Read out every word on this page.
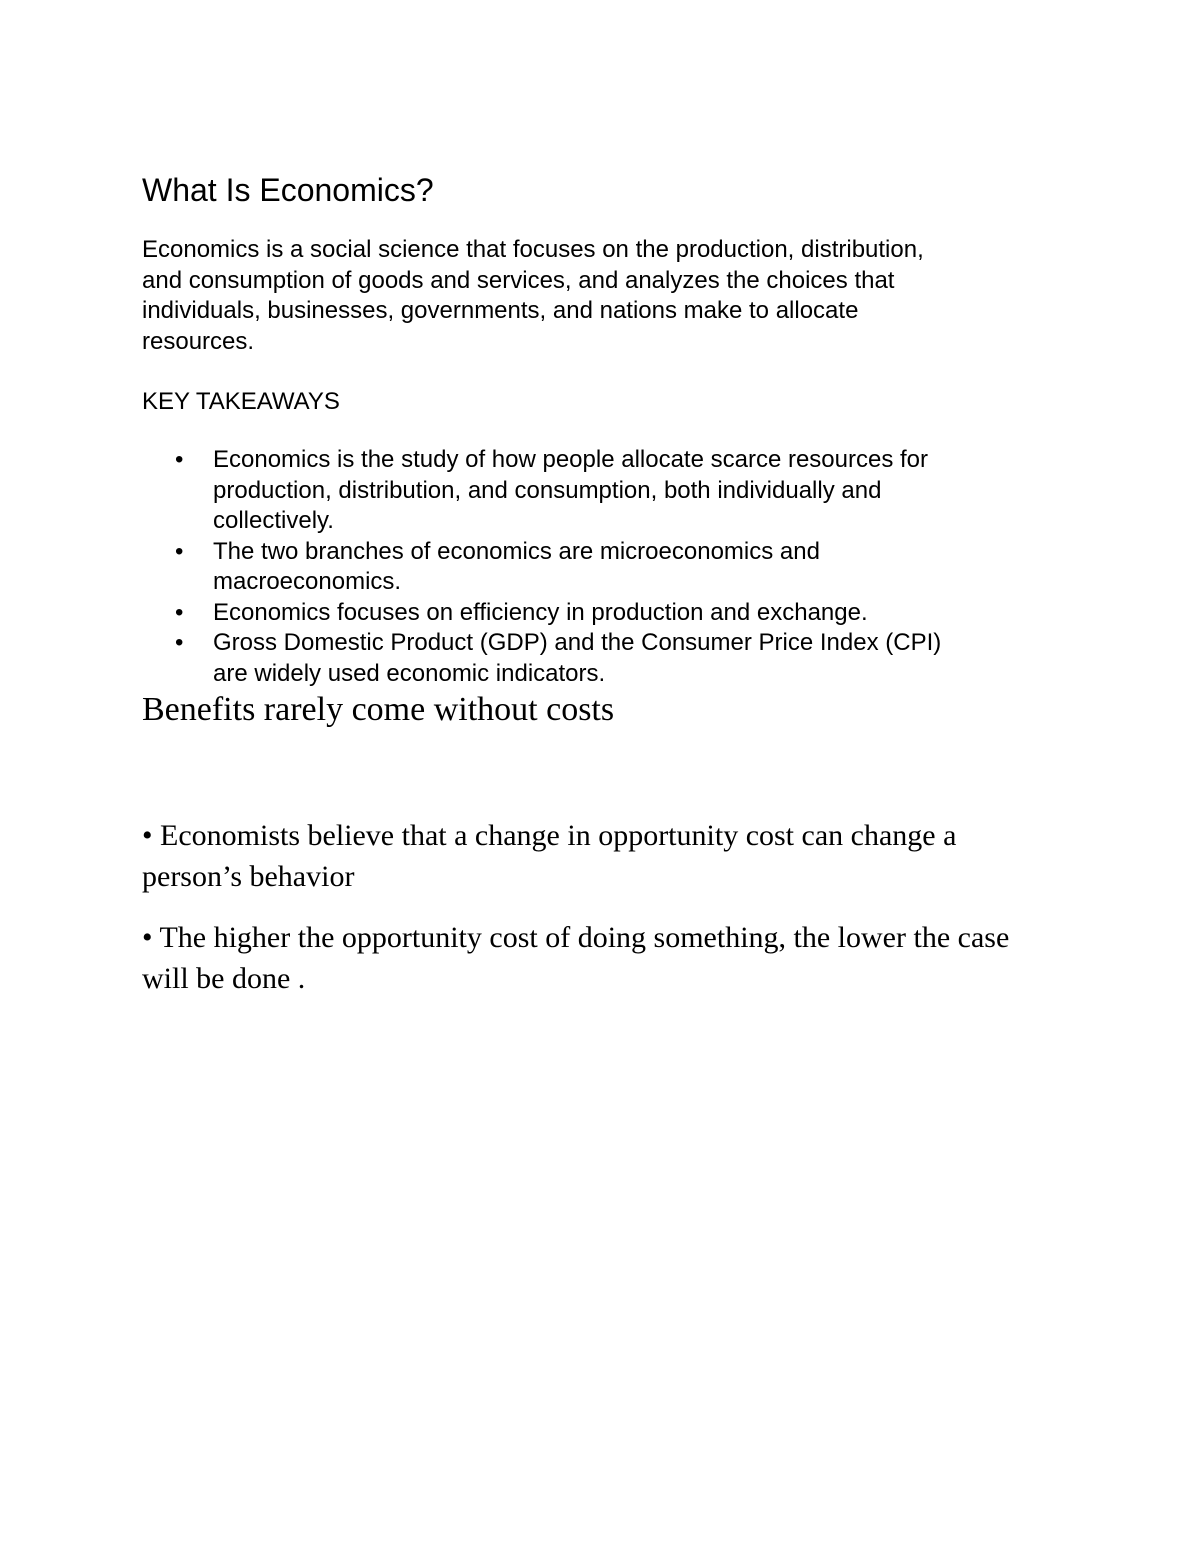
What Is Economics?
Economics is a social science that focuses on the production, distribution,
and consumption of goods and services, and analyzes the choices that
individuals, businesses, governments, and nations make to allocate
resources.
KEY TAKEAWAYS
•	Economics is the study of how people allocate scarce resources for
production, distribution, and consumption, both individually and
collectively.
•	The two branches of economics are microeconomics and
macroeconomics.
•	Economics focuses on efficiency in production and exchange.
•	Gross Domestic Product (GDP) and the Consumer Price Index (CPI)
are widely used economic indicators.
Benefits rarely come without costs
• Economists believe that a change in opportunity cost can change a
person’s behavior
• The higher the opportunity cost of doing something, the lower the case
will be done .
